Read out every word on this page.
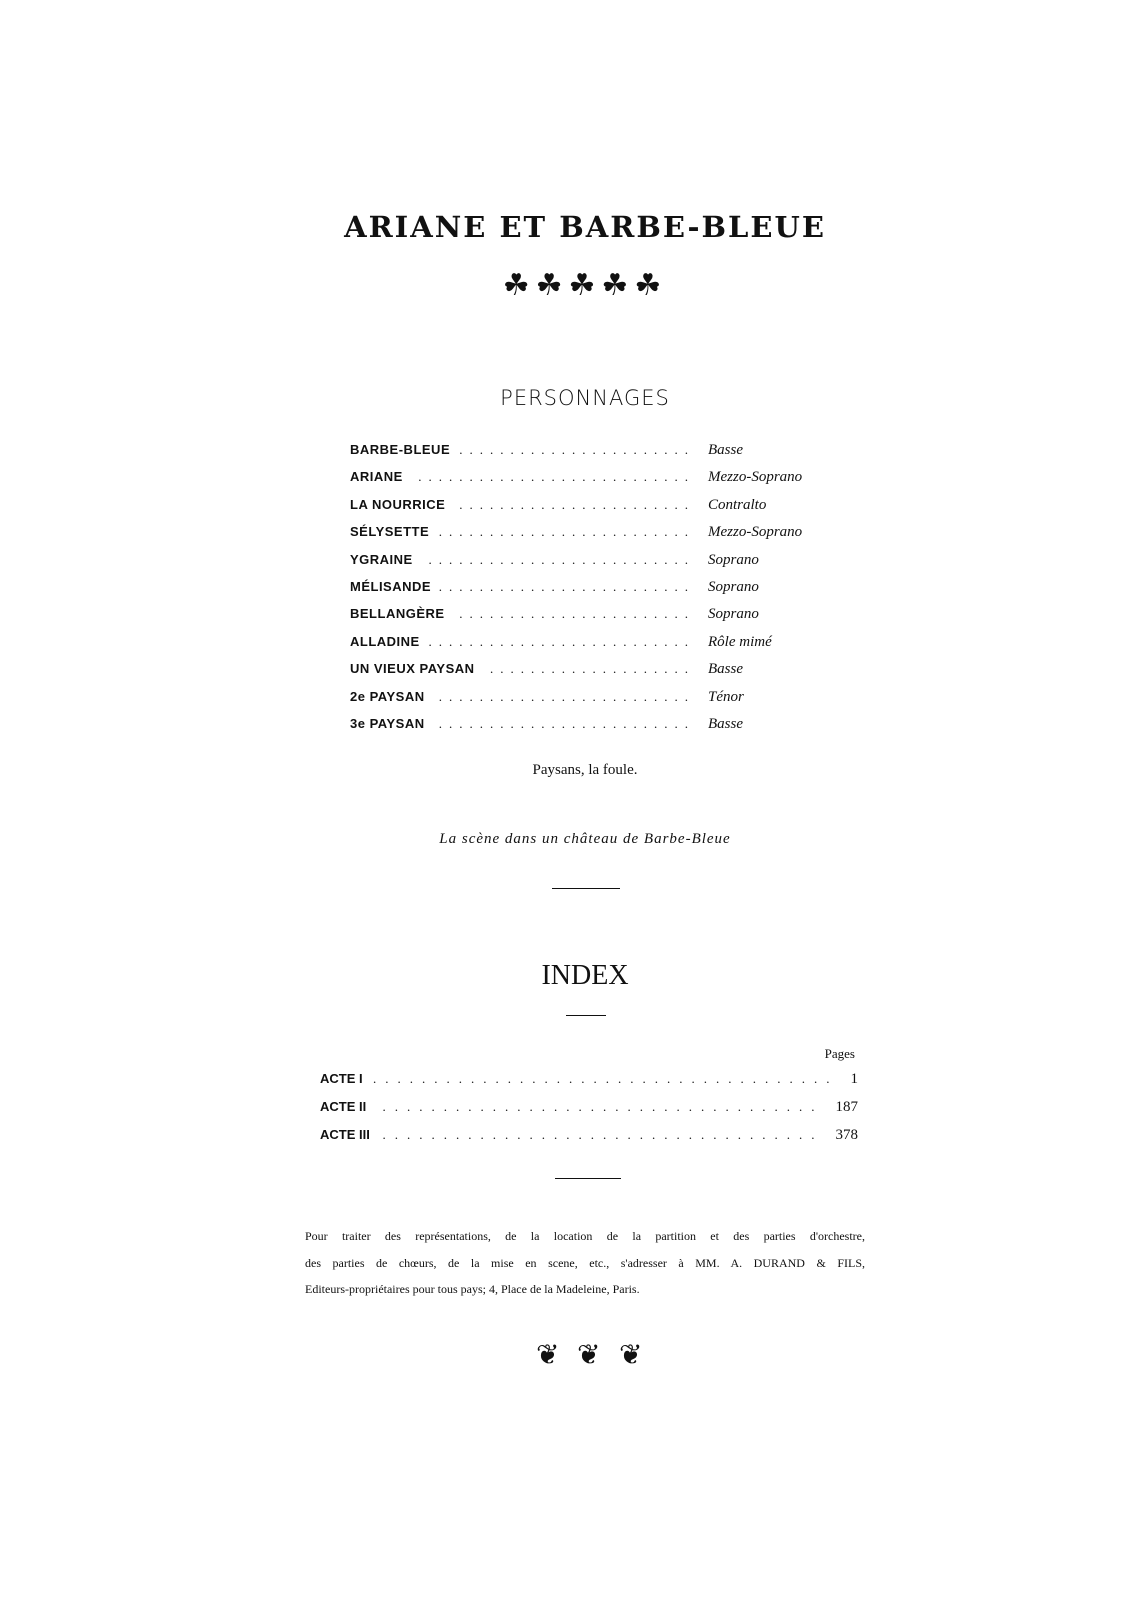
ARIANE ET BARBE-BLEUE
☘☘☘☘☘
PERSONNAGES
BARBE-BLEUE ....................... Basse
ARIANE	........................... Mezzo-Soprano
LA NOURRICE	....................... Contralto
SÉLYSETTE ......................... Mezzo-Soprano
YGRAINE	.......................... Soprano
MÉLISANDE ......................... Soprano
BELLANGÈRE	....................... Soprano
ALLADINE .......................... Rôle mimé
UN VIEUX PAYSAN	.................... Basse
2e PAYSAN	......................... Ténor
3e PAYSAN	......................... Basse
Paysans, la foule.
La scène dans un château de Barbe-Bleue
INDEX
Pages
ACTE I ...................................... 1
ACTE II	.................................... 187
ACTE III .................................... 378
Pour traiter des représentations, de la location de la partition et des parties d'orchestre,
des parties de chœurs, de la mise en scene, etc., s'adresser à MM. A. DURAND & FILS,
Editeurs-propriétaires pour tous pays; 4, Place de la Madeleine, Paris.
❦ ❦ ❦
